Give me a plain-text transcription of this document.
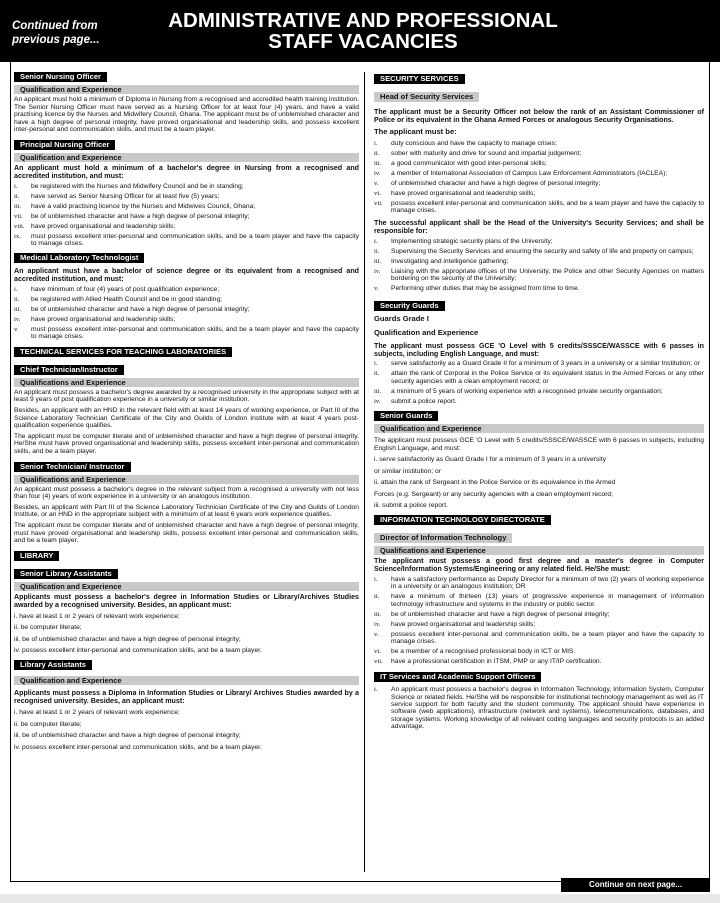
Continued from
previous page...
ADMINISTRATIVE AND PROFESSIONAL
STAFF VACANCIES
Senior Nursing Officer
Qualification and Experience

An applicant must hold a minimum of Diploma in Nursing from a recognised and accredited health training institution. The Senior Nursing Officer must have served as a Nursing Officer for at least four (4) years, and have a valid practising licence by the Nurses and Midwifery Council, Ghana. The applicant must be of unblemished character and have a high degree of personal integrity, have proved organisational and leadership skills, and possess excellent inter-personal and communication skills, and must be a team player.

Principal Nursing Officer
Qualification and Experience

An applicant must hold a minimum of a bachelor's degree in Nursing from a recognised and accredited institution, and must:

i.	be registered with the Nurses and Midwifery Council and be in standing;
ii.	have served as Senior Nursing Officer for at least five (5) years;
iii.	have a valid practising licence by the Nurses and Midwives Council, Ghana;
vii.	be of unblemished character and have a high degree of personal integrity;
viii. have proved organisational and leadership skills;
ix.	must possess excellent inter-personal and communication skills, and be a team player and have the capacity to manage crises.
Medical Laboratory Technologist

An applicant must have a bachelor of science degree or its equivalent from a recognised and accredited institution, and must:

i.	have minimum of four (4) years of post qualification experience;
ii.	be registered with Allied Health Council and be in good standing;
iii.	be of unblemished character and have a high degree of personal integrity;
iv.	have proved organisational and leadership skills;
v.	must possess excellent inter-personal and communication skills, and be a team player and have the capacity to manage crises.
TECHNICAL SERVICES FOR TEACHING LABORATORIES
Chief Technician/Instructor
Qualifications and Experience

An applicant must possess a bachelor's degree awarded by a recognised university in the appropriate subject with at least 9 years of post qualification experience in a university or similar institution.

Besides, an applicant with an HND in the relevant field with at least 14 years of working experience, or Part III of the Science Laboratory Technician Certificate of the City and Guilds of London Institute with at least 4 years post-qualification experience qualifies.

The applicant must be computer literate and of unblemished character and have a high degree of personal integrity. He/She must have proved organisational and leadership skills, possess excellent inter-personal and communication skills, and be a team player.

Senior Technician/ Instructor
Qualifications and Experience

An applicant must possess a bachelor's degree in the relevant subject from a recognised a university with not less than four (4) years of work experience in a university or an analogous institution.

Besides, an applicant with Part III of the Science Laboratory Technician Certificate of the City and Guilds of London Institute, or an HND in the appropriate subject with a minimum of at least 6 years work experience qualifies.

The applicant must be computer literate and of unblemished character and have a high degree of personal integrity, must have proved organisational and leadership skills, possess excellent inter-personal and communication skills, and be a team player.

LIBRARY
Senior Library Assistants
Qualification and Experience

Applicants must possess a bachelor's degree in Information Studies or Library/Archives Studies awarded by a recognised university. Besides, an applicant must:

i. have at least 1 or 2 years of relevant work experience;
ii. be computer literate;
iii. be of unblemished character and have a high degree of personal integrity;
iv. possess excellent inter-personal and communication skills, and be a team player.
Library Assistants
Qualification and Experience

Applicants must possess a Diploma in Information Studies or Library/ Archives Studies awarded by a recognised university. Besides, an applicant must:

i. have at least 1 or 2 years of relevant work experience;
ii. be computer literate;
iii. be of unblemished character and have a high degree of personal integrity;
iv. possess excellent inter-personal and communication skills, and be a team player.
SECURITY SERVICES
Head of Security Services

The applicant must be a Security Officer not below the rank of an Assistant Commissioner of Police or its equivalent in the Ghana Armed Forces or analogous Security Organisations.

The applicant must be:
i.	duty conscious and have the capacity to manage crises;
ii.	sober with maturity and drive for sound and impartial judgement;
iii.	a good communicator with good inter-personal skills;
iv.	a member of International Association of Campus Law Enforcement Administrators (IACLEA);
v.	of unblemished character and have a high degree of personal integrity;
vi.	have proved organisational and leadership skills;
vii.	possess excellent inter-personal and communication skills, and be a team player and have the capacity to manage crises.

The successful applicant shall be the Head of the University's Security Services; and shall be responsible for:

i.	Implementing strategic security plans of the University;
ii.	Supervising the Security Services and ensuring the security and safety of life and property on campus;
iii.	Investigating and intelligence gathering;
iv.	Liaising with the appropriate offices of the University, the Police and other Security Agencies on matters bordering on the security of the University;
v.	Performing other duties that may be assigned from time to time.
Security Guards
Guards Grade I
Qualification and Experience

The applicant must possess GCE 'O Level with 5 credits/SSSCE/WASSCE with 6 passes in subjects, including English Language, and must:

i.	serve satisfactorily as a Guard Grade II for a minimum of 3 years in a university or a similar Institution; or
ii.	attain the rank of Corporal in the Police Service or its equivalent status in the Armed Forces or any other security agencies with a clean employment record; or
iii.	a minimum of 5 years of working experience with a recognised private security organisation;
iv.	submit a police report.
Senior Guards
Qualification and Experience

The applicant must possess GCE 'O Level with 5 credits/SSSCE/WASSCE with 6 passes in subjects, including English Language, and must:

i. serve satisfactorily as Guard Grade I for a minimum of 3 years in a university
or similar institution; or
ii. attain the rank of Sergeant in the Police Service or its equivalence in the Armed
Forces (e.g. Sergeant) or any security agencies with a clean employment record;
iii. submit a police report.
INFORMATION TECHNOLOGY DIRECTORATE
Director of Information Technology
Qualifications and Experience

The applicant must possess a good first degree and a master's degree in Computer Science/Information Systems/Engineering or any related field. He/She must:

i.	have a satisfactory performance as Deputy Director for a minimum of two (2) years of working experience in a university or an analogous institution; OR
ii.	have a minimum of thirteen (13) years of progressive experience in management of information technology infrastructure and systems in the industry or public sector.
iii.	be of unblemished character and have a high degree of personal integrity;
iv.	have proved organisational and leadership skills;
v.	possess excellent inter-personal and communication skills, be a team player and have the capacity to manage crises.
vi.	be a member of a recognised professional body in ICT or MIS.
vii.	have a professional certification in ITSM, PMP or any IT/IP certification.
IT Services and Academic Support Officers
i.	An applicant must possess a bachelor's degree in Information Technology, Information System, Computer Science or related fields. He/She will be responsible for institutional technology management as well as IT service support for both faculty and the student community. The applicant should have experience in software (web applications), infrastructure (network and systems), telecommunications, databases, and storage systems. Working knowledge of all relevant coding languages and security protocols is an added advantage.
Continue on next page...
